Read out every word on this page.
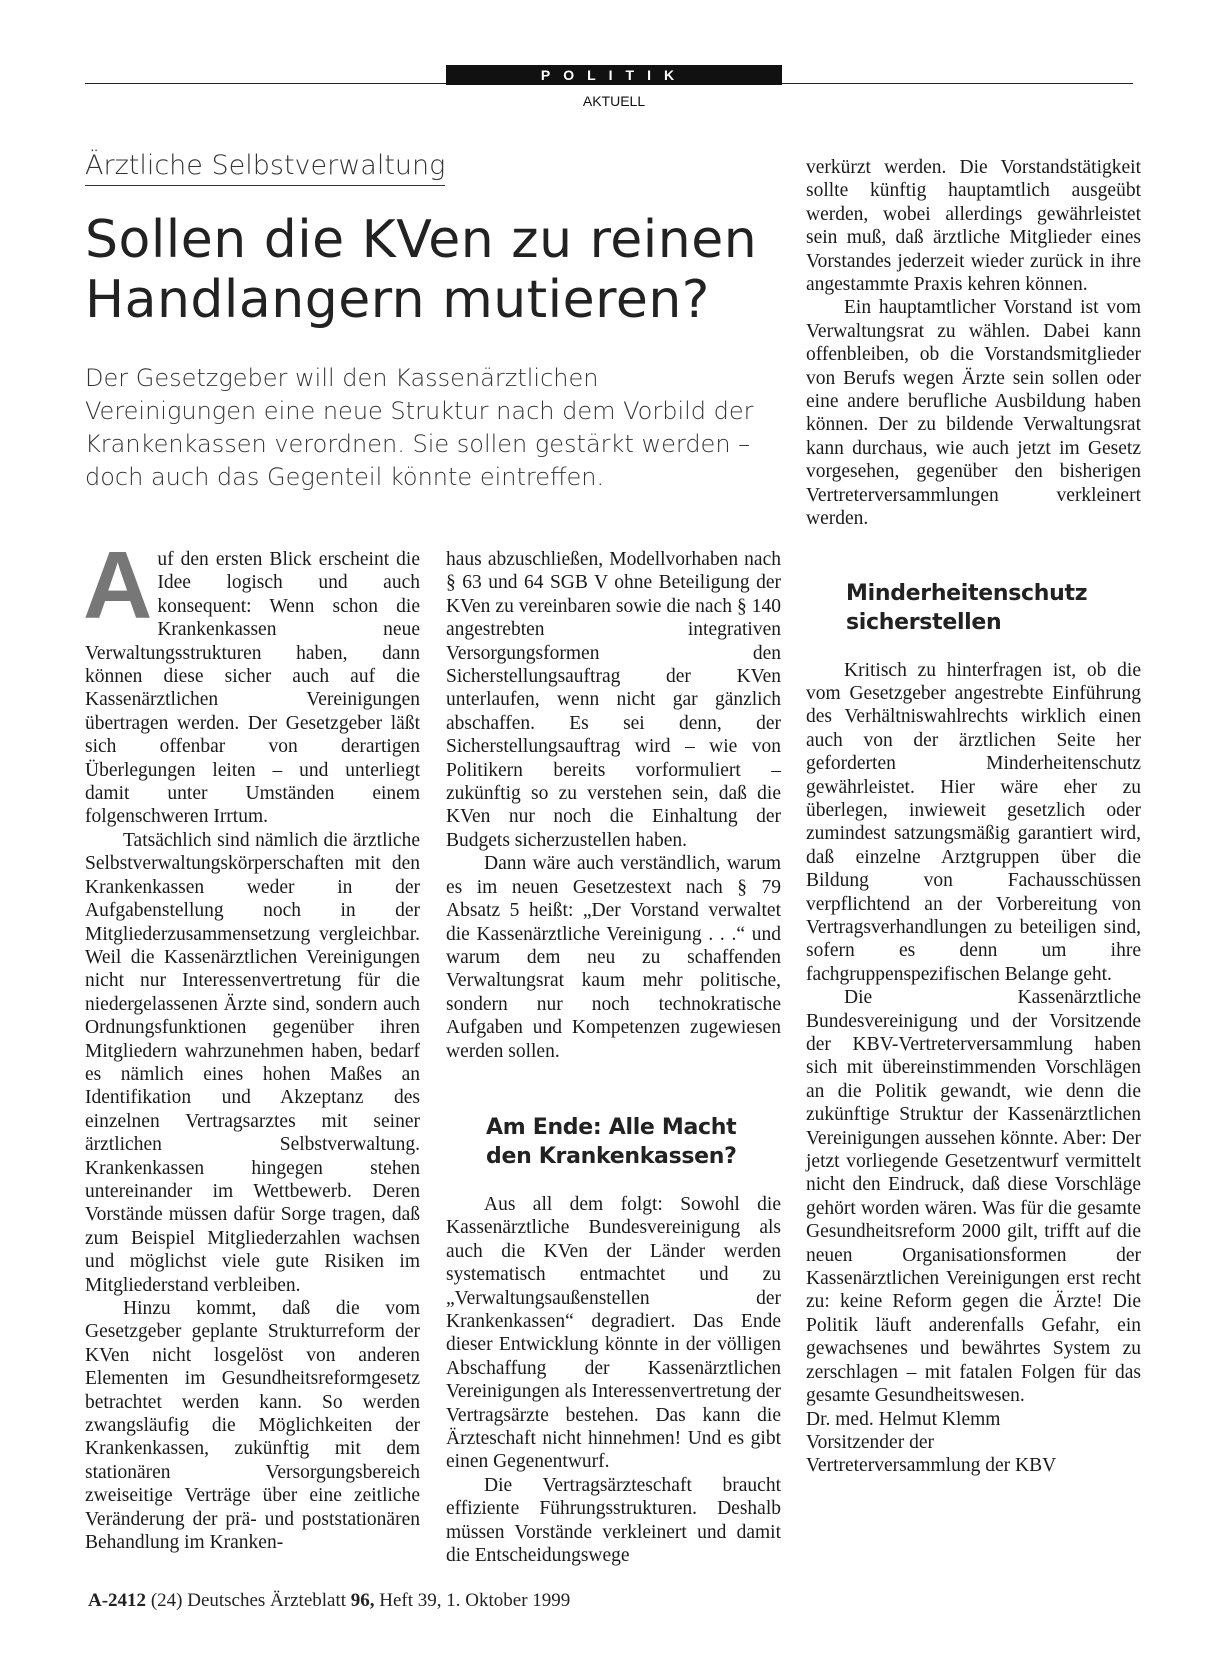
POLITIK
AKTUELL
Ärztliche Selbstverwaltung
Sollen die KVen zu reinen
Handlangern mutieren?

Der Gesetzgeber will den Kassenärztlichen Vereinigungen eine neue Struktur nach dem Vorbild der Krankenkassen verordnen. Sie sollen gestärkt werden – doch auch das Gegenteil könnte eintreffen.

Auf den ersten Blick erscheint die Idee logisch und auch konsequent: Wenn schon die Krankenkassen neue Verwaltungsstrukturen haben, dann können diese sicher auch auf die Kassenärztlichen Vereinigungen übertragen werden. Der Gesetzgeber läßt sich offenbar von derartigen Überlegungen leiten – und unterliegt damit unter Umständen einem folgenschweren Irrtum.

Tatsächlich sind nämlich die ärztliche Selbstverwaltungskörperschaften mit den Krankenkassen weder in der Aufgabenstellung noch in der Mitgliederzusammensetzung vergleichbar. Weil die Kassenärztlichen Vereinigungen nicht nur Interessenvertretung für die niedergelassenen Ärzte sind, sondern auch Ordnungsfunktionen gegenüber ihren Mitgliedern wahrzunehmen haben, bedarf es nämlich eines hohen Maßes an Identifikation und Akzeptanz des einzelnen Vertragsarztes mit seiner ärztlichen Selbstverwaltung. Krankenkassen hingegen stehen untereinander im Wettbewerb. Deren Vorstände müssen dafür Sorge tragen, daß zum Beispiel Mitgliederzahlen wachsen und möglichst viele gute Risiken im Mitgliederstand verbleiben.

Hinzu kommt, daß die vom Gesetzgeber geplante Strukturreform der KVen nicht losgelöst von anderen Elementen im Gesundheitsreformgesetz betrachtet werden kann. So werden zwangsläufig die Möglichkeiten der Krankenkassen, zukünftig mit dem stationären Versorgungsbereich zweiseitige Verträge über eine zeitliche Veränderung der prä- und poststationären Behandlung im Kranken-

haus abzuschließen, Modellvorhaben nach § 63 und 64 SGB V ohne Beteiligung der KVen zu vereinbaren sowie die nach § 140 angestrebten integrativen Versorgungsformen den Sicherstellungsauftrag der KVen unterlaufen, wenn nicht gar gänzlich abschaffen. Es sei denn, der Sicherstellungsauftrag wird – wie von Politikern bereits vorformuliert – zukünftig so zu verstehen sein, daß die KVen nur noch die Einhaltung der Budgets sicherzustellen haben.

Dann wäre auch verständlich, warum es im neuen Gesetzestext nach § 79 Absatz 5 heißt: „Der Vorstand verwaltet die Kassenärztliche Vereinigung . . .“ und warum dem neu zu schaffenden Verwaltungsrat kaum mehr politische, sondern nur noch technokratische Aufgaben und Kompetenzen zugewiesen werden sollen.

Am Ende: Alle Macht
den Krankenkassen?

Aus all dem folgt: Sowohl die Kassenärztliche Bundesvereinigung als auch die KVen der Länder werden systematisch entmachtet und zu „Verwaltungsaußenstellen der Krankenkassen“ degradiert. Das Ende dieser Entwicklung könnte in der völligen Abschaffung der Kassenärztlichen Vereinigungen als Interessenvertretung der Vertragsärzte bestehen. Das kann die Ärzteschaft nicht hinnehmen! Und es gibt einen Gegenentwurf.

Die Vertragsärzteschaft braucht effiziente Führungsstrukturen. Deshalb müssen Vorstände verkleinert und damit die Entscheidungswege

verkürzt werden. Die Vorstandstätigkeit sollte künftig hauptamtlich ausgeübt werden, wobei allerdings gewährleistet sein muß, daß ärztliche Mitglieder eines Vorstandes jederzeit wieder zurück in ihre angestammte Praxis kehren können.

Ein hauptamtlicher Vorstand ist vom Verwaltungsrat zu wählen. Dabei kann offenbleiben, ob die Vorstandsmitglieder von Berufs wegen Ärzte sein sollen oder eine andere berufliche Ausbildung haben können. Der zu bildende Verwaltungsrat kann durchaus, wie auch jetzt im Gesetz vorgesehen, gegenüber den bisherigen Vertreterversammlungen verkleinert werden.

Minderheitenschutz
sicherstellen

Kritisch zu hinterfragen ist, ob die vom Gesetzgeber angestrebte Einführung des Verhältniswahlrechts wirklich einen auch von der ärztlichen Seite her geforderten Minderheitenschutz gewährleistet. Hier wäre eher zu überlegen, inwieweit gesetzlich oder zumindest satzungsmäßig garantiert wird, daß einzelne Arztgruppen über die Bildung von Fachausschüssen verpflichtend an der Vorbereitung von Vertragsverhandlungen zu beteiligen sind, sofern es denn um ihre fachgruppenspezifischen Belange geht.

Die Kassenärztliche Bundesvereinigung und der Vorsitzende der KBV-Vertreterversammlung haben sich mit übereinstimmenden Vorschlägen an die Politik gewandt, wie denn die zukünftige Struktur der Kassenärztlichen Vereinigungen aussehen könnte. Aber: Der jetzt vorliegende Gesetzentwurf vermittelt nicht den Eindruck, daß diese Vorschläge gehört worden wären. Was für die gesamte Gesundheitsreform 2000 gilt, trifft auf die neuen Organisationsformen der Kassenärztlichen Vereinigungen erst recht zu: keine Reform gegen die Ärzte! Die Politik läuft anderenfalls Gefahr, ein gewachsenes und bewährtes System zu zerschlagen – mit fatalen Folgen für das gesamte Gesundheitswesen.

Dr. med. Helmut Klemm
Vorsitzender der
Vertreterversammlung der KBV

A-2412 (24) Deutsches Ärzteblatt 96, Heft 39, 1. Oktober 1999
